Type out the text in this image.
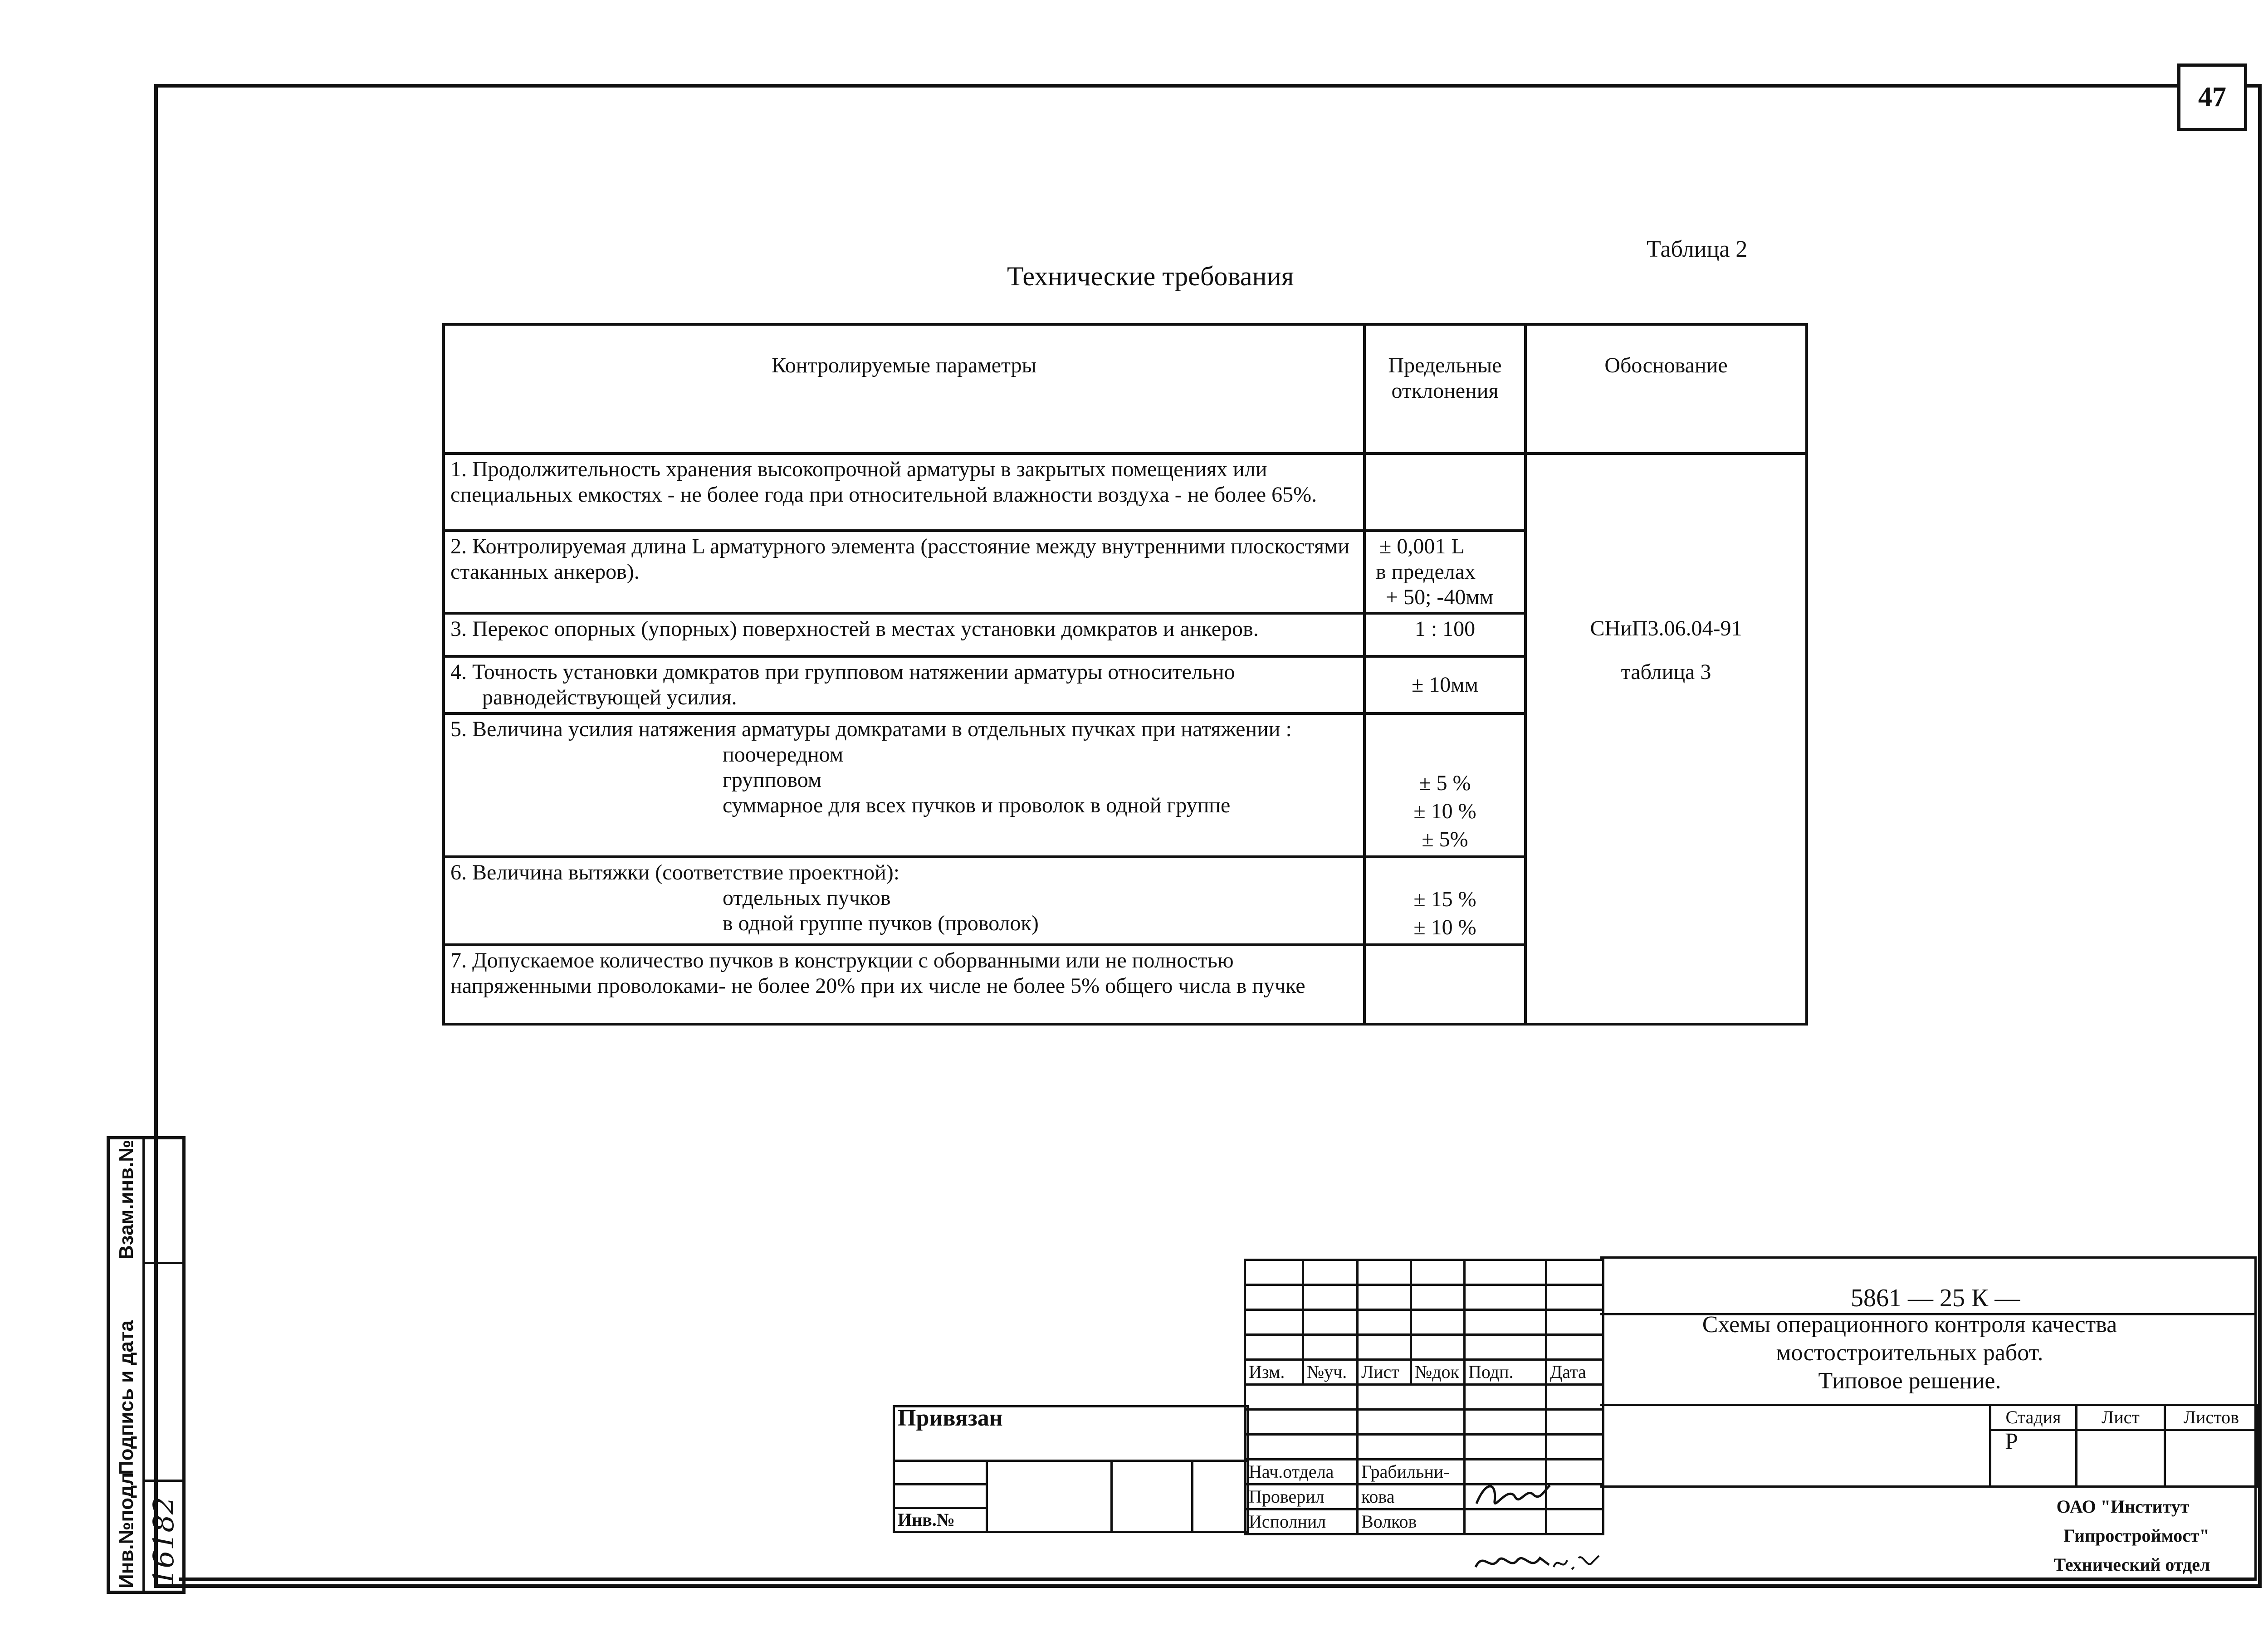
47
Таблица 2
Технические требования
Контролируемые параметры	Предельные отклонения	Обоснование
1. Продолжительность хранения высокопрочной арматуры в закрытых помещениях или специальных емкостях - не более года при относительной влажности воздуха - не более 65%.		СНиП3.06.04-91
таблица 3

2. Контролируемая длина L арматурного элемента (расстояние между внутренними плоскостями стаканных анкеров).	± 0,001 L
в пределах
+ 50; -40мм	

3. Перекос опорных (упорных) поверхностей в местах установки домкратов и анкеров.	1 : 100	

4. Точность установки домкратов при групповом натяжении арматуры относительно
равнодействующей усилия.	± 10мм	

5. Величина усилия натяжения арматуры домкратами в отдельных пучках при натяжении :
поочередном
групповом
суммарное для всех пучков и проволок в одной группе	± 5 %
± 10 %
± 5%	

6. Величина вытяжки (соответствие проектной):
отдельных пучков
в одной группе пучков (проволок)	± 15 %
± 10 %	

7. Допускаемое количество пучков в конструкции с оборванными или не полностью напряженными проволоками- не более 20% при их числе не более 5% общего числа в пучке		
Инв.№подл
Подпись и дата
Взам.инв.№
16182
Привязан

Инв.№

Изм.	№уч.	Лист	№док	Подп.	Дата

Нач.отдела		Грабильни-			
Проверил		кова			
Исполнил		Волков			
5861 — 25 К —
Схемы операционного контроля качества
мостостроительных работ.
Типовое решение.
Стадия	Лист	Листов
Р		
ОАО "Институт
Гипростроймост"
Технический отдел
